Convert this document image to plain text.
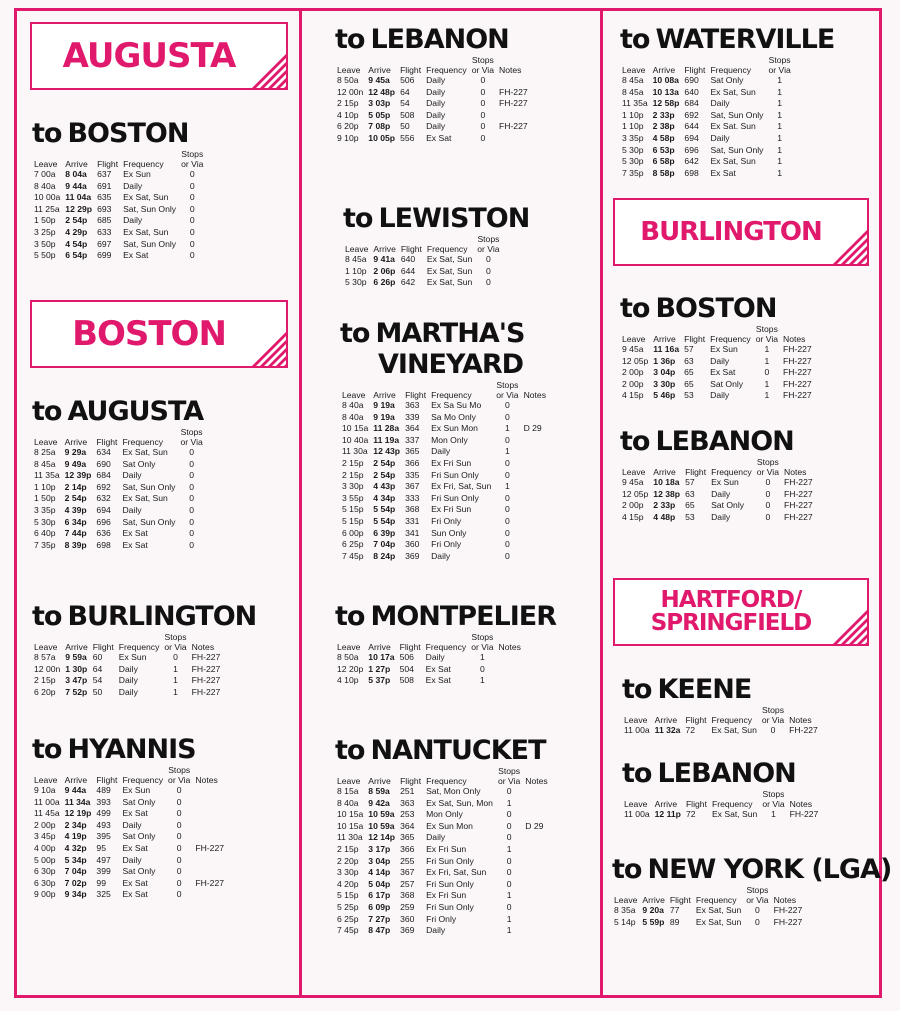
AUGUSTA
to BOSTON
				Stops
Leave	Arrive	Flight	Frequency	or Via
7 00a	8 04a	637	Ex Sun	0
8 40a	9 44a	691	Daily	0
10 00a	11 04a	635	Ex Sat, Sun	0
11 25a	12 29p	693	Sat, Sun Only	0
1 50p	2 54p	685	Daily	0
3 25p	4 29p	633	Ex Sat, Sun	0
3 50p	4 54p	697	Sat, Sun Only	0
5 50p	6 54p	699	Ex Sat	0
BOSTON
to AUGUSTA
				Stops
Leave	Arrive	Flight	Frequency	or Via
8 25a	9 29a	634	Ex Sat, Sun	0
8 45a	9 49a	690	Sat Only	0
11 35a	12 39p	684	Daily	0
1 10p	2 14p	692	Sat, Sun Only	0
1 50p	2 54p	632	Ex Sat, Sun	0
3 35p	4 39p	694	Daily	0
5 30p	6 34p	696	Sat, Sun Only	0
6 40p	7 44p	636	Ex Sat	0
7 35p	8 39p	698	Ex Sat	0
to BURLINGTON
				Stops	
Leave	Arrive	Flight	Frequency	or Via	Notes
8 57a	9 59a	60	Ex Sun	0	FH-227
12 00n	1 30p	64	Daily	1	FH-227
2 15p	3 47p	54	Daily	1	FH-227
6 20p	7 52p	50	Daily	1	FH-227
to HYANNIS
				Stops	
Leave	Arrive	Flight	Frequency	or Via	Notes
9 10a	9 44a	489	Ex Sun	0	
11 00a	11 34a	393	Sat Only	0	
11 45a	12 19p	499	Ex Sat	0	
2 00p	2 34p	493	Daily	0	
3 45p	4 19p	395	Sat Only	0	
4 00p	4 32p	95	Ex Sat	0	FH-227
5 00p	5 34p	497	Daily	0	
6 30p	7 04p	399	Sat Only	0	
6 30p	7 02p	99	Ex Sat	0	FH-227
9 00p	9 34p	325	Ex Sat	0	
to LEBANON
				Stops	
Leave	Arrive	Flight	Frequency	or Via	Notes
8 50a	9 45a	506	Daily	0	
12 00n	12 48p	64	Daily	0	FH-227
2 15p	3 03p	54	Daily	0	FH-227
4 10p	5 05p	508	Daily	0	
6 20p	7 08p	50	Daily	0	FH-227
9 10p	10 05p	556	Ex Sat	0	
to LEWISTON
				Stops
Leave	Arrive	Flight	Frequency	or Via
8 45a	9 41a	640	Ex Sat, Sun	0
1 10p	2 06p	644	Ex Sat, Sun	0
5 30p	6 26p	642	Ex Sat, Sun	0
to MARTHA'S
VINEYARD
				Stops	
Leave	Arrive	Flight	Frequency	or Via	Notes
8 40a	9 19a	363	Ex Sa Su Mo	0	
8 40a	9 19a	339	Sa Mo Only	0	
10 15a	11 28a	364	Ex Sun Mon	1	D 29
10 40a	11 19a	337	Mon Only	0	
11 30a	12 43p	365	Daily	1	
2 15p	2 54p	366	Ex Fri Sun	0	
2 15p	2 54p	335	Fri Sun Only	0	
3 30p	4 43p	367	Ex Fri, Sat, Sun	1	
3 55p	4 34p	333	Fri Sun Only	0	
5 15p	5 54p	368	Ex Fri Sun	0	
5 15p	5 54p	331	Fri Only	0	
6 00p	6 39p	341	Sun Only	0	
6 25p	7 04p	360	Fri Only	0	
7 45p	8 24p	369	Daily	0	
to MONTPELIER
				Stops	
Leave	Arrive	Flight	Frequency	or Via	Notes
8 50a	10 17a	506	Daily	1	
12 20p	1 27p	504	Ex Sat	0	
4 10p	5 37p	508	Ex Sat	1	
to NANTUCKET
				Stops	
Leave	Arrive	Flight	Frequency	or Via	Notes
8 15a	8 59a	251	Sat, Mon Only	0	
8 40a	9 42a	363	Ex Sat, Sun, Mon	1	
10 15a	10 59a	253	Mon Only	0	
10 15a	10 59a	364	Ex Sun Mon	0	D 29
11 30a	12 14p	365	Daily	0	
2 15p	3 17p	366	Ex Fri Sun	1	
2 20p	3 04p	255	Fri Sun Only	0	
3 30p	4 14p	367	Ex Fri, Sat, Sun	0	
4 20p	5 04p	257	Fri Sun Only	0	
5 15p	6 17p	368	Ex Fri Sun	1	
5 25p	6 09p	259	Fri Sun Only	0	
6 25p	7 27p	360	Fri Only	1	
7 45p	8 47p	369	Daily	1	
to WATERVILLE
				Stops
Leave	Arrive	Flight	Frequency	or Via
8 45a	10 08a	690	Sat Only	1
8 45a	10 13a	640	Ex Sat, Sun	1
11 35a	12 58p	684	Daily	1
1 10p	2 33p	692	Sat, Sun Only	1
1 10p	2 38p	644	Ex Sat. Sun	1
3 35p	4 58p	694	Daily	1
5 30p	6 53p	696	Sat, Sun Only	1
5 30p	6 58p	642	Ex Sat, Sun	1
7 35p	8 58p	698	Ex Sat	1
BURLINGTON
to BOSTON
				Stops	
Leave	Arrive	Flight	Frequency	or Via	Notes
9 45a	11 16a	57	Ex Sun	1	FH-227
12 05p	1 36p	63	Daily	1	FH-227
2 00p	3 04p	65	Ex Sat	0	FH-227
2 00p	3 30p	65	Sat Only	1	FH-227
4 15p	5 46p	53	Daily	1	FH-227
to LEBANON
				Stops	
Leave	Arrive	Flight	Frequency	or Via	Notes
9 45a	10 18a	57	Ex Sun	0	FH-227
12 05p	12 38p	63	Daily	0	FH-227
2 00p	2 33p	65	Sat Only	0	FH-227
4 15p	4 48p	53	Daily	0	FH-227
HARTFORD/
SPRINGFIELD
to KEENE
				Stops	
Leave	Arrive	Flight	Frequency	or Via	Notes
11 00a	11 32a	72	Ex Sat, Sun	0	FH-227
to LEBANON
				Stops	
Leave	Arrive	Flight	Frequency	or Via	Notes
11 00a	12 11p	72	Ex Sat, Sun	1	FH-227
to NEW YORK (LGA)
				Stops	
Leave	Arrive	Flight	Frequency	or Via	Notes
8 35a	9 20a	77	Ex Sat, Sun	0	FH-227
5 14p	5 59p	89	Ex Sat, Sun	0	FH-227
